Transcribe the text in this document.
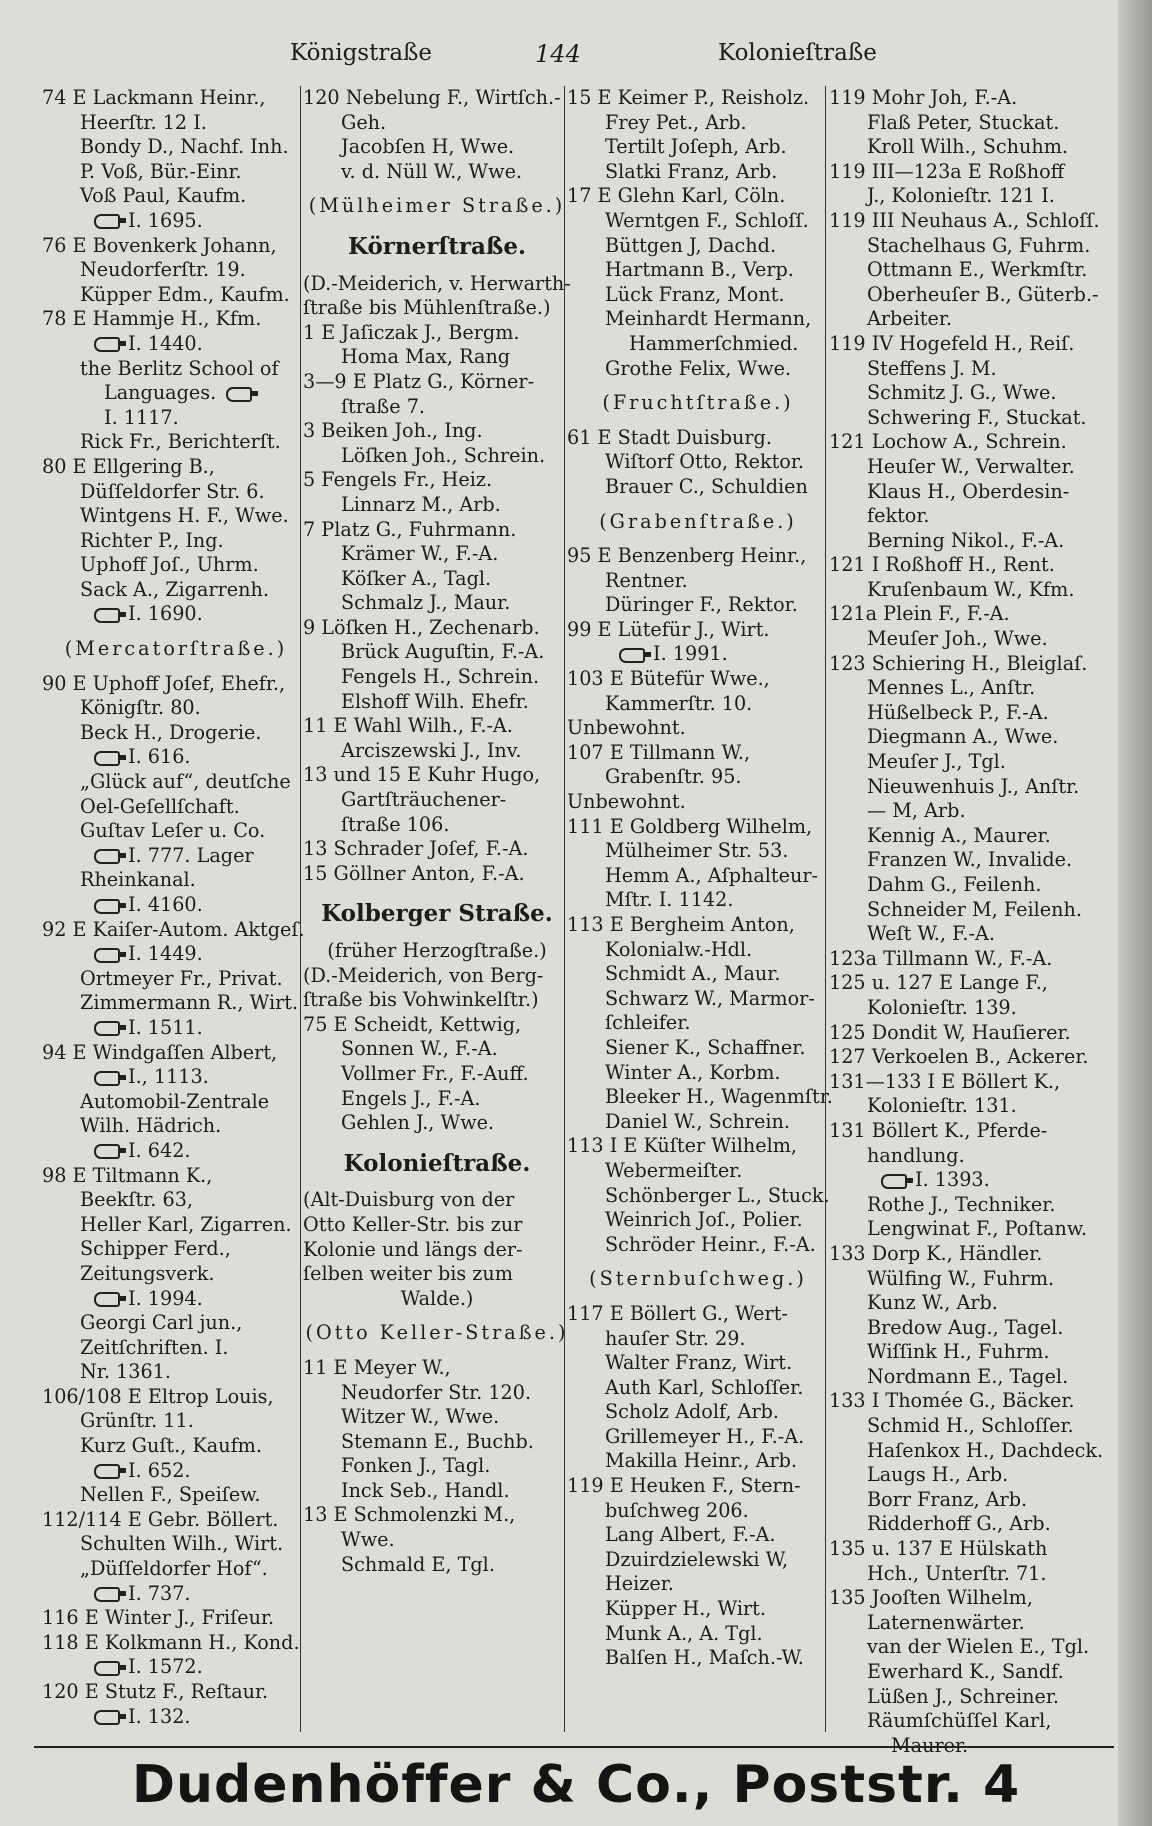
Königstraße	144	Kolonieſtraße
74 E Lackmann Heinr.,
Heerſtr. 12 I.
Bondy D., Nachf. Inh.
P. Voß, Bür.-Einr.
Voß Paul, Kaufm.
I. 1695.
76 E Bovenkerk Johann,
Neudorferſtr. 19.
Küpper Edm., Kaufm.
78 E Hammje H., Kfm.
I. 1440.
the Berlitz School of
Languages.
I. 1117.
Rick Fr., Berichterſt.
80 E Ellgering B.,
Düſſeldorfer Str. 6.
Wintgens H. F., Wwe.
Richter P., Ing.
Uphoff Joſ., Uhrm.
Sack A., Zigarrenh.
I. 1690.
(Mercatorſtraße.)
90 E Uphoff Joſef, Ehefr.,
Königſtr. 80.
Beck H., Drogerie.
I. 616.
„Glück auf“, deutſche
Oel-Geſellſchaft.
Guſtav Leſer u. Co.
I. 777. Lager
Rheinkanal.
I. 4160.
92 E Kaiſer-Autom. Aktgeſ.
I. 1449.
Ortmeyer Fr., Privat.
Zimmermann R., Wirt.
I. 1511.
94 E Windgaſſen Albert,
I., 1113.
Automobil-Zentrale
Wilh. Hädrich.
I. 642.
98 E Tiltmann K.,
Beekſtr. 63,
Heller Karl, Zigarren.
Schipper Ferd.,
Zeitungsverk.
I. 1994.
Georgi Carl jun.,
Zeitſchriften. I.
Nr. 1361.
106/108 E Eltrop Louis,
Grünſtr. 11.
Kurz Guſt., Kaufm.
I. 652.
Nellen F., Speiſew.
112/114 E Gebr. Böllert.
Schulten Wilh., Wirt.
„Düſſeldorfer Hof“.
I. 737.
116 E Winter J., Friſeur.
118 E Kolkmann H., Kond.
I. 1572.
120 E Stutz F., Reſtaur.
I. 132.
120 Nebelung F., Wirtſch.-
Geh.
Jacobſen H, Wwe.
v. d. Nüll W., Wwe.
(Mülheimer Straße.)
Körnerſtraße.
(D.-Meiderich, v. Herwarth-
ſtraße bis Mühlenſtraße.)
1 E Jaſiczak J., Bergm.
Homa Max, Rang
3—9 E Platz G., Körner-
ſtraße 7.
3 Beiken Joh., Ing.
Löſken Joh., Schrein.
5 Fengels Fr., Heiz.
Linnarz M., Arb.
7 Platz G., Fuhrmann.
Krämer W., F.-A.
Köſker A., Tagl.
Schmalz J., Maur.
9 Löſken H., Zechenarb.
Brück Auguſtin, F.-A.
Fengels H., Schrein.
Elshoff Wilh. Ehefr.
11 E Wahl Wilh., F.-A.
Arciszewski J., Inv.
13 und 15 E Kuhr Hugo,
Gartſträuchener-
ſtraße 106.
13 Schrader Joſef, F.-A.
15 Göllner Anton, F.-A.
Kolberger Straße.
(früher Herzogſtraße.)
(D.-Meiderich, von Berg-
ſtraße bis Vohwinkelſtr.)
75 E Scheidt, Kettwig,
Sonnen W., F.-A.
Vollmer Fr., F.-Auff.
Engels J., F.-A.
Gehlen J., Wwe.
Kolonieſtraße.
(Alt-Duisburg von der
Otto Keller-Str. bis zur
Kolonie und längs der-
ſelben weiter bis zum
Walde.)
(Otto Keller-Straße.)
11 E Meyer W.,
Neudorfer Str. 120.
Witzer W., Wwe.
Stemann E., Buchb.
Fonken J., Tagl.
Inck Seb., Handl.
13 E Schmolenzki M.,
Wwe.
Schmald E, Tgl.
15 E Keimer P., Reisholz.
Frey Pet., Arb.
Tertilt Joſeph, Arb.
Slatki Franz, Arb.
17 E Glehn Karl, Cöln.
Werntgen F., Schloſſ.
Büttgen J, Dachd.
Hartmann B., Verp.
Lück Franz, Mont.
Meinhardt Hermann,
Hammerſchmied.
Grothe Felix, Wwe.
(Fruchtſtraße.)
61 E Stadt Duisburg.
Wiſtorf Otto, Rektor.
Brauer C., Schuldien
(Grabenſtraße.)
95 E Benzenberg Heinr.,
Rentner.
Düringer F., Rektor.
99 E Lütefür J., Wirt.
I. 1991.
103 E Bütefür Wwe.,
Kammerſtr. 10.
Unbewohnt.
107 E Tillmann W.,
Grabenſtr. 95.
Unbewohnt.
111 E Goldberg Wilhelm,
Mülheimer Str. 53.
Hemm A., Aſphalteur-
Mſtr. I. 1142.
113 E Bergheim Anton,
Kolonialw.-Hdl.
Schmidt A., Maur.
Schwarz W., Marmor-
ſchleifer.
Siener K., Schaffner.
Winter A., Korbm.
Bleeker H., Wagenmſtr.
Daniel W., Schrein.
113 I E Küſter Wilhelm,
Webermeiſter.
Schönberger L., Stuck.
Weinrich Joſ., Polier.
Schröder Heinr., F.-A.
(Sternbuſchweg.)
117 E Böllert G., Wert-
hauſer Str. 29.
Walter Franz, Wirt.
Auth Karl, Schloſſer.
Scholz Adolf, Arb.
Grillemeyer H., F.-A.
Makilla Heinr., Arb.
119 E Heuken F., Stern-
buſchweg 206.
Lang Albert, F.-A.
Dzuirdzielewski W,
Heizer.
Küpper H., Wirt.
Munk A., A. Tgl.
Balſen H., Maſch.-W.
119 Mohr Joh, F.-A.
Flaß Peter, Stuckat.
Kroll Wilh., Schuhm.
119 III—123a E Roßhoff
J., Kolonieſtr. 121 I.
119 III Neuhaus A., Schloſſ.
Stachelhaus G, Fuhrm.
Ottmann E., Werkmſtr.
Oberheuſer B., Güterb.-
Arbeiter.
119 IV Hogefeld H., Reiſ.
Steffens J. M.
Schmitz J. G., Wwe.
Schwering F., Stuckat.
121 Lochow A., Schrein.
Heuſer W., Verwalter.
Klaus H., Oberdesin-
fektor.
Berning Nikol., F.-A.
121 I Roßhoff H., Rent.
Kruſenbaum W., Kfm.
121a Plein F., F.-A.
Meuſer Joh., Wwe.
123 Schiering H., Bleiglaſ.
Mennes L., Anſtr.
Hüßelbeck P., F.-A.
Diegmann A., Wwe.
Meuſer J., Tgl.
Nieuwenhuis J., Anſtr.
— M, Arb.
Kennig A., Maurer.
Franzen W., Invalide.
Dahm G., Feilenh.
Schneider M, Feilenh.
Weſt W., F.-A.
123a Tillmann W., F.-A.
125 u. 127 E Lange F.,
Kolonieſtr. 139.
125 Dondit W, Hauſierer.
127 Verkoelen B., Ackerer.
131—133 I E Böllert K.,
Kolonieſtr. 131.
131 Böllert K., Pferde-
handlung.
I. 1393.
Rothe J., Techniker.
Lengwinat F., Poſtanw.
133 Dorp K., Händler.
Wülfing W., Fuhrm.
Kunz W., Arb.
Bredow Aug., Tagel.
Wiſſink H., Fuhrm.
Nordmann E., Tagel.
133 I Thomée G., Bäcker.
Schmid H., Schloſſer.
Haſenkox H., Dachdeck.
Laugs H., Arb.
Borr Franz, Arb.
Ridderhoff G., Arb.
135 u. 137 E Hülskath
Hch., Unterſtr. 71.
135 Jooſten Wilhelm,
Laternenwärter.
van der Wielen E., Tgl.
Ewerhard K., Sandf.
Lüßen J., Schreiner.
Räumſchüſſel Karl,
Maurer.
Dudenhöffer & Co., Poststr. 4
